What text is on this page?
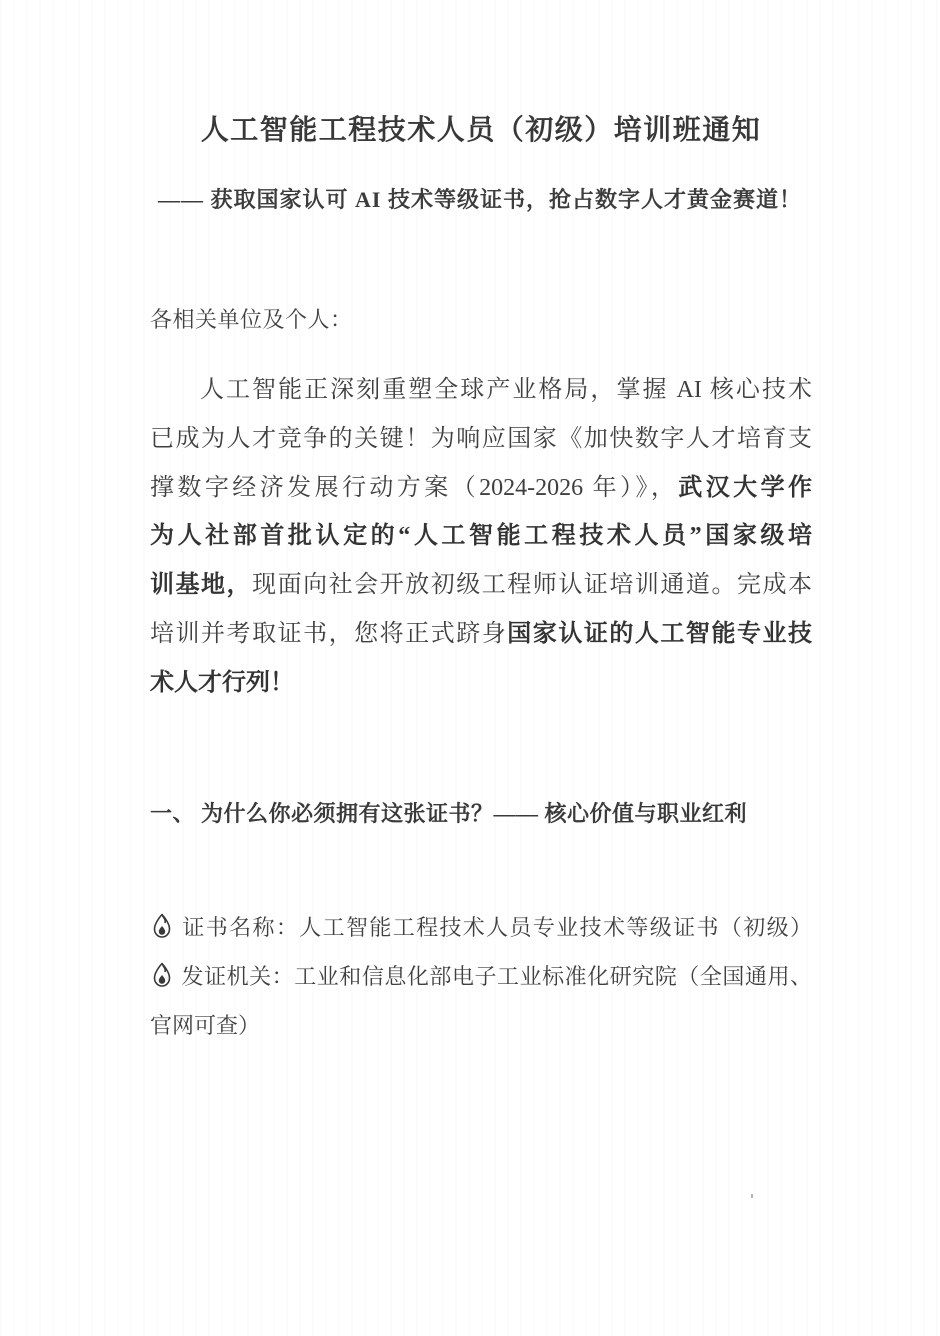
人工智能工程技术人员（初级）培训班通知
—— 获取国家认可 AI 技术等级证书，抢占数字人才黄金赛道！
各相关单位及个人：
人工智能正深刻重塑全球产业格局，掌握 AI 核心技术
已成为人才竞争的关键！为响应国家《加快数字人才培育支
撑数字经济发展行动方案（2024-2026 年）》，武汉大学作
为人社部首批认定的“人工智能工程技术人员”国家级培
训基地，现面向社会开放初级工程师认证培训通道。完成本
培训并考取证书，您将正式跻身国家认证的人工智能专业技
术人才行列！
一、 为什么你必须拥有这张证书？—— 核心价值与职业红利
证书名称：人工智能工程技术人员专业技术等级证书（初级）
发证机关：工业和信息化部电子工业标准化研究院（全国通用、
官网可查）
